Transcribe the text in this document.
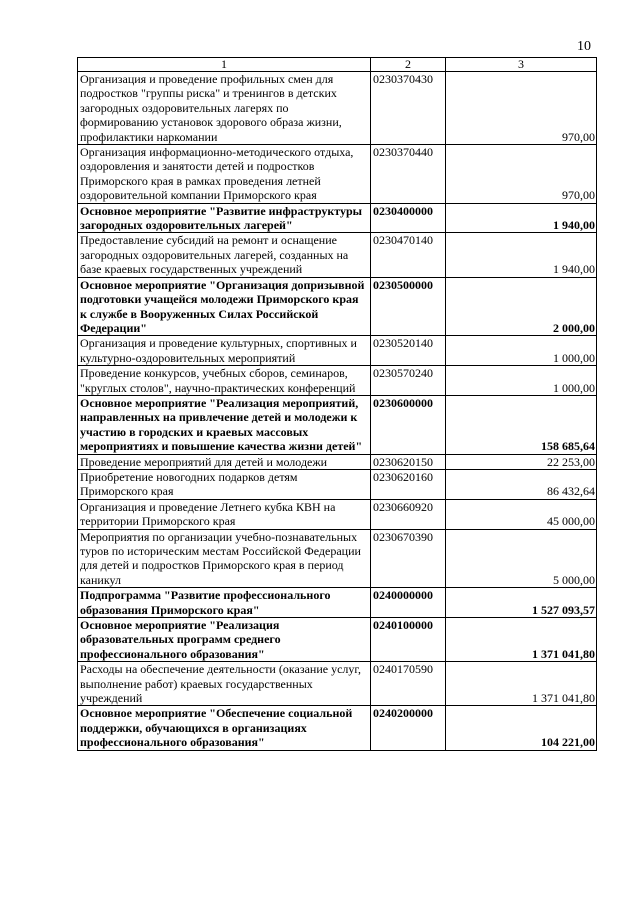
10
1	2	3
Организация и проведение профильных смен для подростков "группы риска" и тренингов в детских загородных оздоровительных лагерях по формированию установок здорового образа жизни, профилактики наркомании	0230370430	970,00
Организация информационно-методического отдыха, оздоровления и занятости детей и подростков Приморского края в рамках проведения летней оздоровительной компании Приморского края	0230370440	970,00
Основное мероприятие "Развитие инфраструктуры загородных оздоровительных лагерей"	0230400000	1 940,00
Предоставление субсидий на ремонт и оснащение загородных оздоровительных лагерей, созданных на базе краевых государственных учреждений	0230470140	1 940,00
Основное мероприятие "Организация допризывной подготовки учащейся молодежи Приморского края к службе в Вооруженных Силах Российской Федерации"	0230500000	2 000,00
Организация и проведение культурных, спортивных и культурно-оздоровительных мероприятий	0230520140	1 000,00
Проведение конкурсов, учебных сборов, семинаров, "круглых столов", научно-практических конференций	0230570240	1 000,00
Основное мероприятие "Реализация мероприятий, направленных на привлечение детей и молодежи к участию в городских и краевых массовых мероприятиях и повышение качества жизни детей"	0230600000	158 685,64
Проведение мероприятий для детей и молодежи	0230620150	22 253,00
Приобретение новогодних подарков детям Приморского края	0230620160	86 432,64
Организация и проведение Летнего кубка КВН на территории Приморского края	0230660920	45 000,00
Мероприятия по организации учебно-познавательных туров по историческим местам Российской Федерации для детей и подростков Приморского края в период каникул	0230670390	5 000,00
Подпрограмма "Развитие профессионального образования Приморского края"	0240000000	1 527 093,57
Основное мероприятие "Реализация образовательных программ среднего профессионального образования"	0240100000	1 371 041,80
Расходы на обеспечение деятельности (оказание услуг, выполнение работ) краевых государственных учреждений	0240170590	1 371 041,80
Основное мероприятие "Обеспечение социальной поддержки, обучающихся в организациях профессионального образования"	0240200000	104 221,00
